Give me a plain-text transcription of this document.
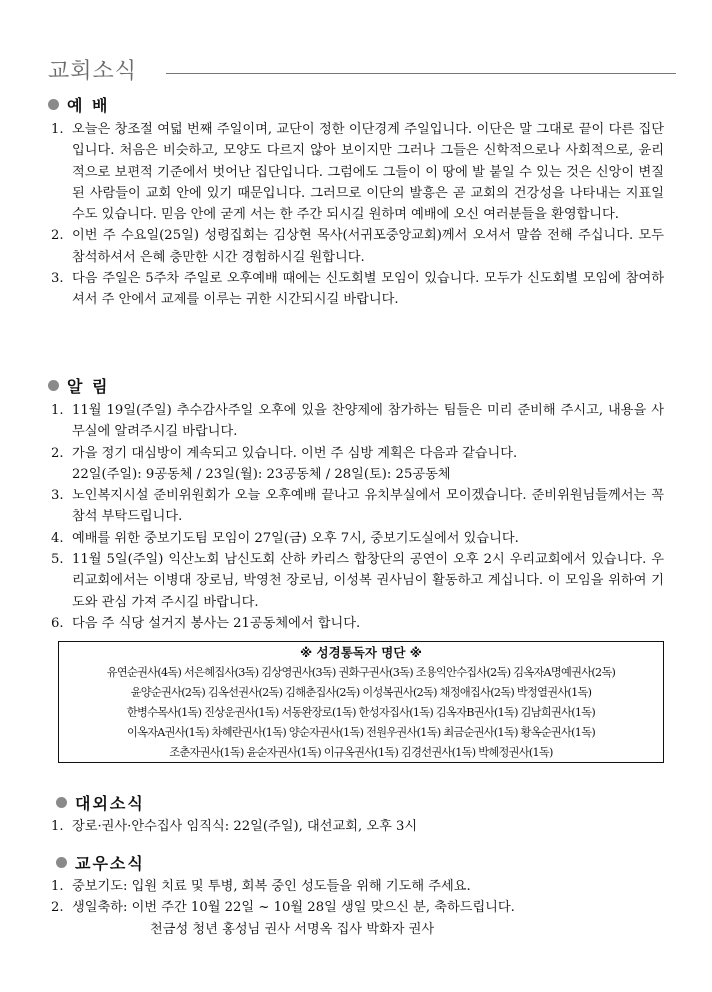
교회소식
예 배
1. 오늘은 창조절 여덟 번째 주일이며, 교단이 정한 이단경계 주일입니다. 이단은 말 그대로 끝이 다른 집단입니다. 처음은 비슷하고, 모양도 다르지 않아 보이지만 그러나 그들은 신학적으로나 사회적으로, 윤리적으로 보편적 기준에서 벗어난 집단입니다. 그럼에도 그들이 이 땅에 발 붙일 수 있는 것은 신앙이 변질된 사람들이 교회 안에 있기 때문입니다. 그러므로 이단의 발흥은 곧 교회의 건강성을 나타내는 지표일 수도 있습니다. 믿음 안에 굳게 서는 한 주간 되시길 원하며 예배에 오신 여러분들을 환영합니다.
2. 이번 주 수요일(25일) 성령집회는 김상현 목사(서귀포중앙교회)께서 오셔서 말씀 전해 주십니다. 모두 참석하셔서 은혜 충만한 시간 경험하시길 원합니다.
3. 다음 주일은 5주차 주일로 오후예배 때에는 신도회별 모임이 있습니다. 모두가 신도회별 모임에 참여하셔서 주 안에서 교제를 이루는 귀한 시간되시길 바랍니다.
알 림
1. 11월 19일(주일) 추수감사주일 오후에 있을 찬양제에 참가하는 팀들은 미리 준비해 주시고, 내용을 사무실에 알려주시길 바랍니다.
2. 가을 정기 대심방이 계속되고 있습니다. 이번 주 심방 계획은 다음과 같습니다.
22일(주일): 9공동체 / 23일(월): 23공동체 / 28일(토): 25공동체
3. 노인복지시설 준비위원회가 오늘 오후예배 끝나고 유치부실에서 모이겠습니다. 준비위원님들께서는 꼭 참석 부탁드립니다.
4. 예배를 위한 중보기도팀 모임이 27일(금) 오후 7시, 중보기도실에서 있습니다.
5. 11월 5일(주일) 익산노회 남신도회 산하 카리스 합창단의 공연이 오후 2시 우리교회에서 있습니다. 우리교회에서는 이병대 장로님, 박영천 장로님, 이성복 권사님이 활동하고 계십니다. 이 모임을 위하여 기도와 관심 가져 주시길 바랍니다.
6. 다음 주 식당 설거지 봉사는 21공동체에서 합니다.
※ 성경통독자 명단 ※
유연순권사(4독) 서은혜집사(3독) 김상영권사(3독) 권화구권사(3독) 조용익안수집사(2독) 김옥자A명예권사(2독)
윤양순권사(2독) 김옥선권사(2독) 김해춘집사(2독) 이성복권사(2독) 채정애집사(2독) 박정열권사(1독)
한병수목사(1독) 진상운권사(1독) 서동완장로(1독) 한성자집사(1독) 김옥자B권사(1독) 김남희권사(1독)
이옥자A권사(1독) 차혜란권사(1독) 양순자권사(1독) 전원우권사(1독) 최금순권사(1독) 황옥순권사(1독)
조춘자권사(1독) 윤순자권사(1독) 이규옥권사(1독) 김경선권사(1독) 박혜정권사(1독)
대외소식
1. 장로·권사·안수집사 임직식: 22일(주일), 대선교회, 오후 3시
교우소식
1. 중보기도: 입원 치료 및 투병, 회복 중인 성도들을 위해 기도해 주세요.
2. 생일축하: 이번 주간 10월 22일 ~ 10월 28일 생일 맞으신 분, 축하드립니다.
천금성 청년 홍성님 권사 서명옥 집사 박화자 권사
